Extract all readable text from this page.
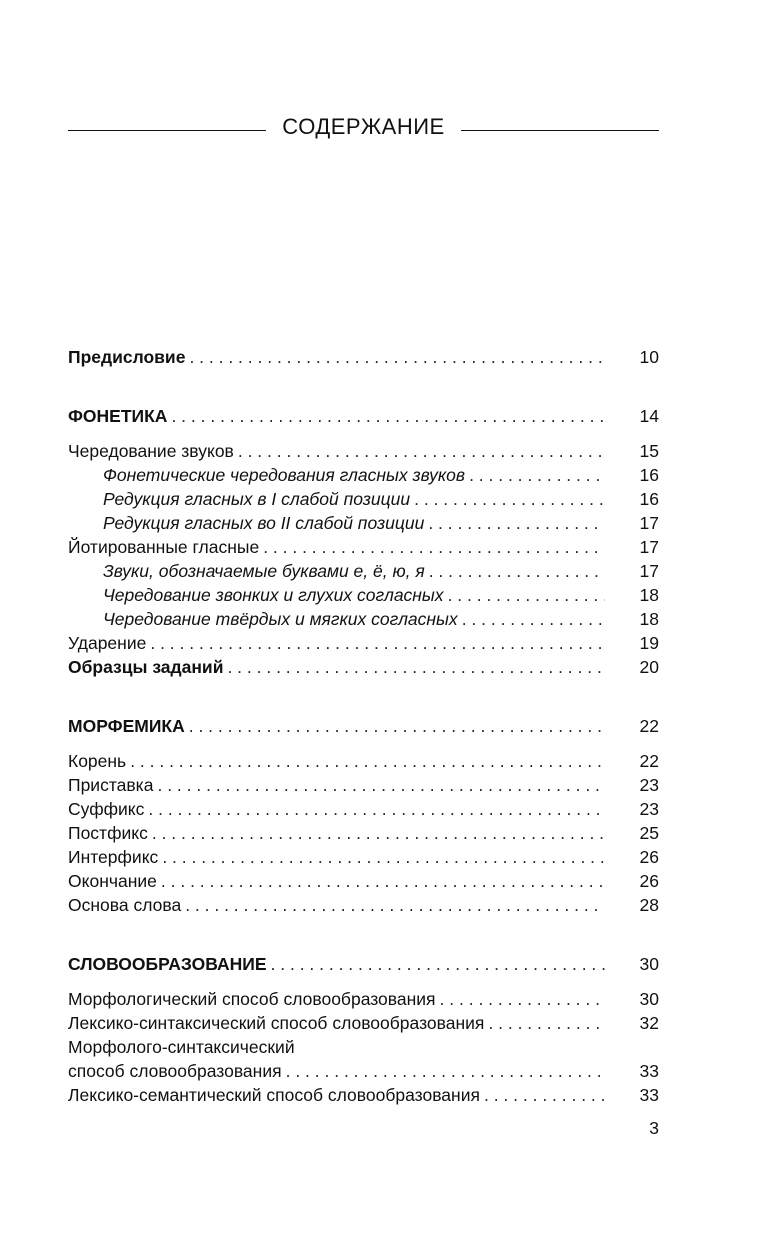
СОДЕРЖАНИЕ
Предисловие . . .	10
ФОНЕТИКА . . .	14
Чередование звуков . . .	15
Фонетические чередования гласных звуков . . .	16
Редукция гласных в I слабой позиции . . .	16
Редукция гласных во II слабой позиции . . .	17
Йотированные гласные . . .	17
Звуки, обозначаемые буквами е, ё, ю, я . . .	17
Чередование звонких и глухих согласных . . .	18
Чередование твёрдых и мягких согласных . . .	18
Ударение . . .	19
Образцы заданий . . .	20
МОРФЕМИКА . . .	22
Корень . . .	22
Приставка . . .	23
Суффикс . . .	23
Постфикс . . .	25
Интерфикс . . .	26
Окончание . . .	26
Основа слова . . .	28
СЛОВООБРАЗОВАНИЕ . . .	30
Морфологический способ словообразования . . .	30
Лексико-синтаксический способ словообразования . . .	32
Морфолого-синтаксический
способ словообразования . . .	33
Лексико-семантический способ словообразования . . .	33
3
